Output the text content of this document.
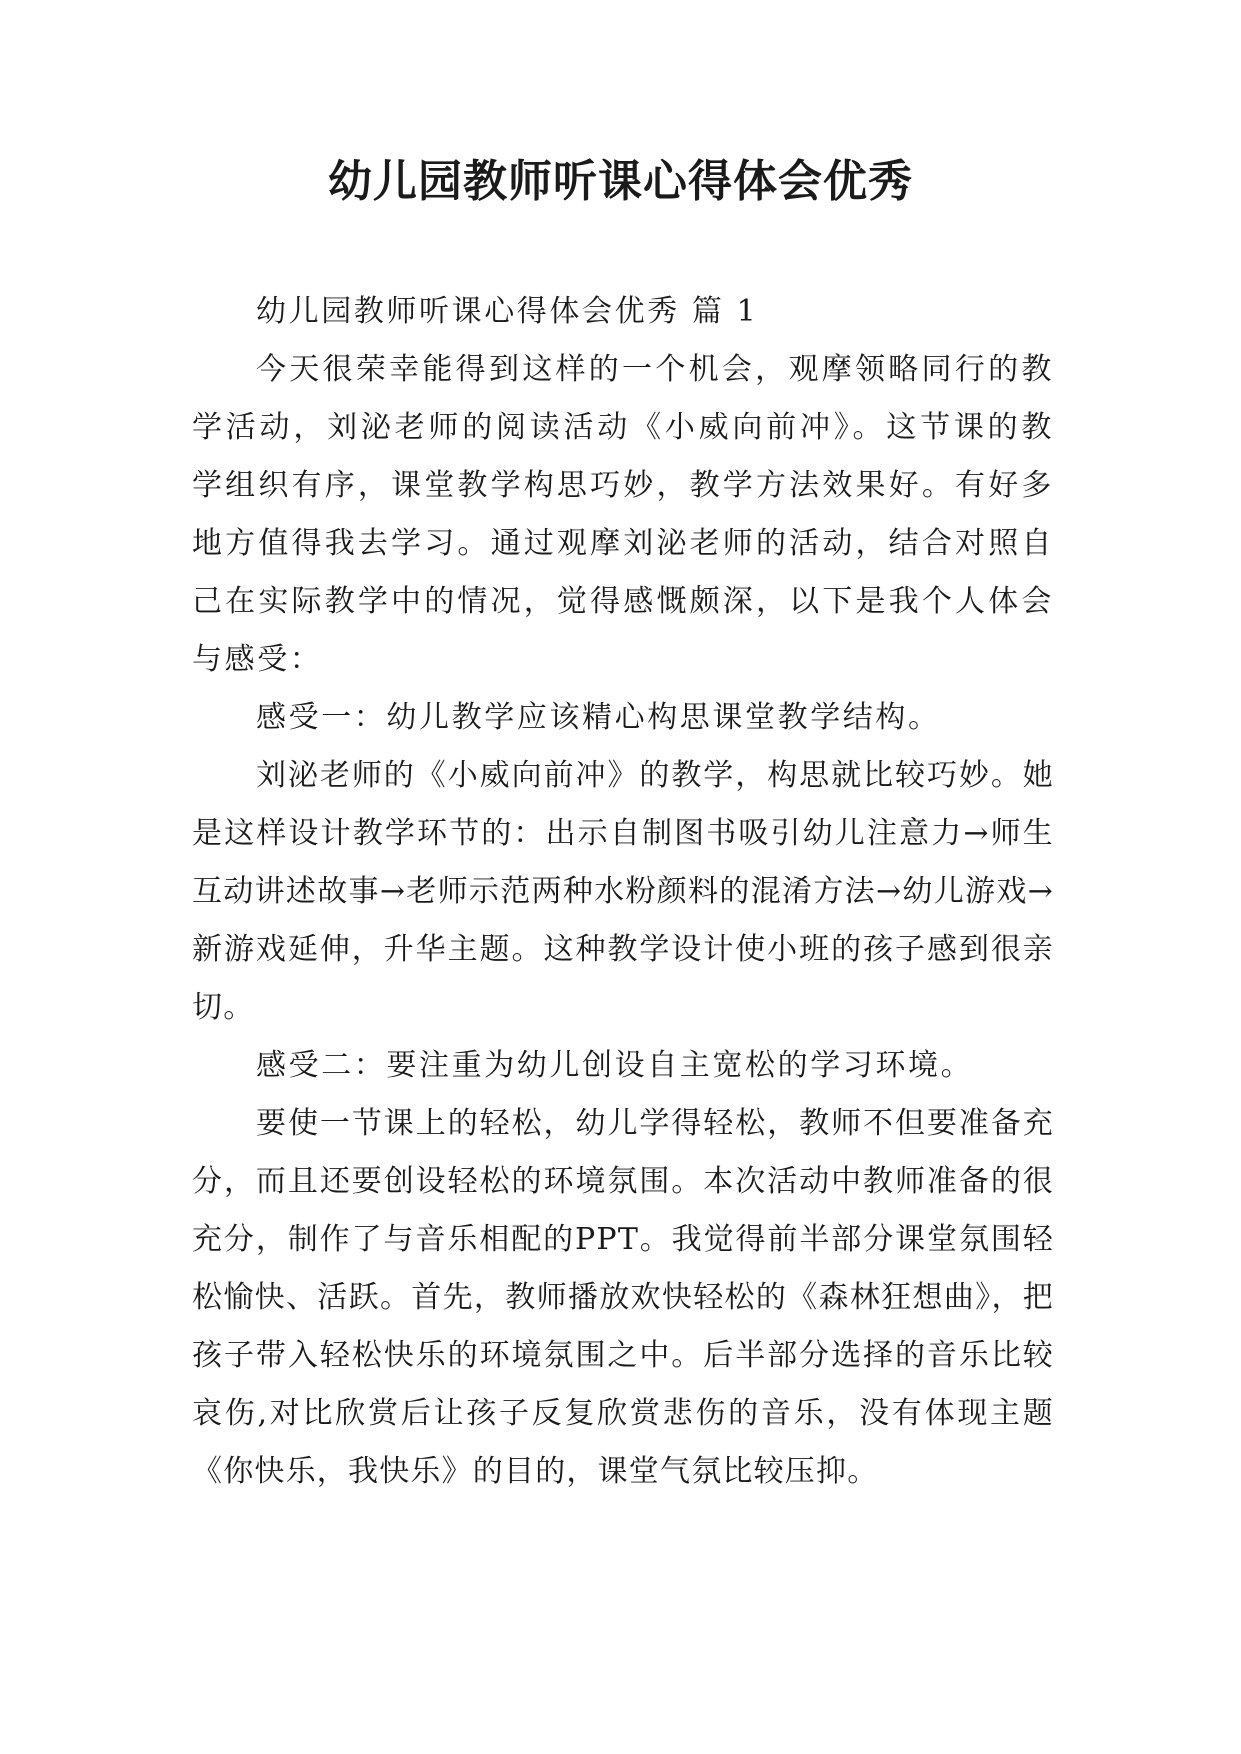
幼儿园教师听课心得体会优秀

幼儿园教师听课心得体会优秀 篇 1

今天很荣幸能得到这样的一个机会，观摩领略同行的教学活动，刘泌老师的阅读活动《小威向前冲》。这节课的教学组织有序，课堂教学构思巧妙，教学方法效果好。有好多地方值得我去学习。通过观摩刘泌老师的活动，结合对照自己在实际教学中的情况，觉得感慨颇深，以下是我个人体会与感受：

感受一：幼儿教学应该精心构思课堂教学结构。

刘泌老师的《小威向前冲》的教学，构思就比较巧妙。她是这样设计教学环节的：出示自制图书吸引幼儿注意力→师生互动讲述故事→老师示范两种水粉颜料的混淆方法→幼儿游戏→新游戏延伸，升华主题。这种教学设计使小班的孩子感到很亲切。

感受二：要注重为幼儿创设自主宽松的学习环境。

要使一节课上的轻松，幼儿学得轻松，教师不但要准备充分，而且还要创设轻松的环境氛围。本次活动中教师准备的很充分，制作了与音乐相配的PPT。我觉得前半部分课堂氛围轻松愉快、活跃。首先，教师播放欢快轻松的《森林狂想曲》，把孩子带入轻松快乐的环境氛围之中。后半部分选择的音乐比较哀伤,对比欣赏后让孩子反复欣赏悲伤的音乐，没有体现主题《你快乐，我快乐》的目的，课堂气氛比较压抑。
